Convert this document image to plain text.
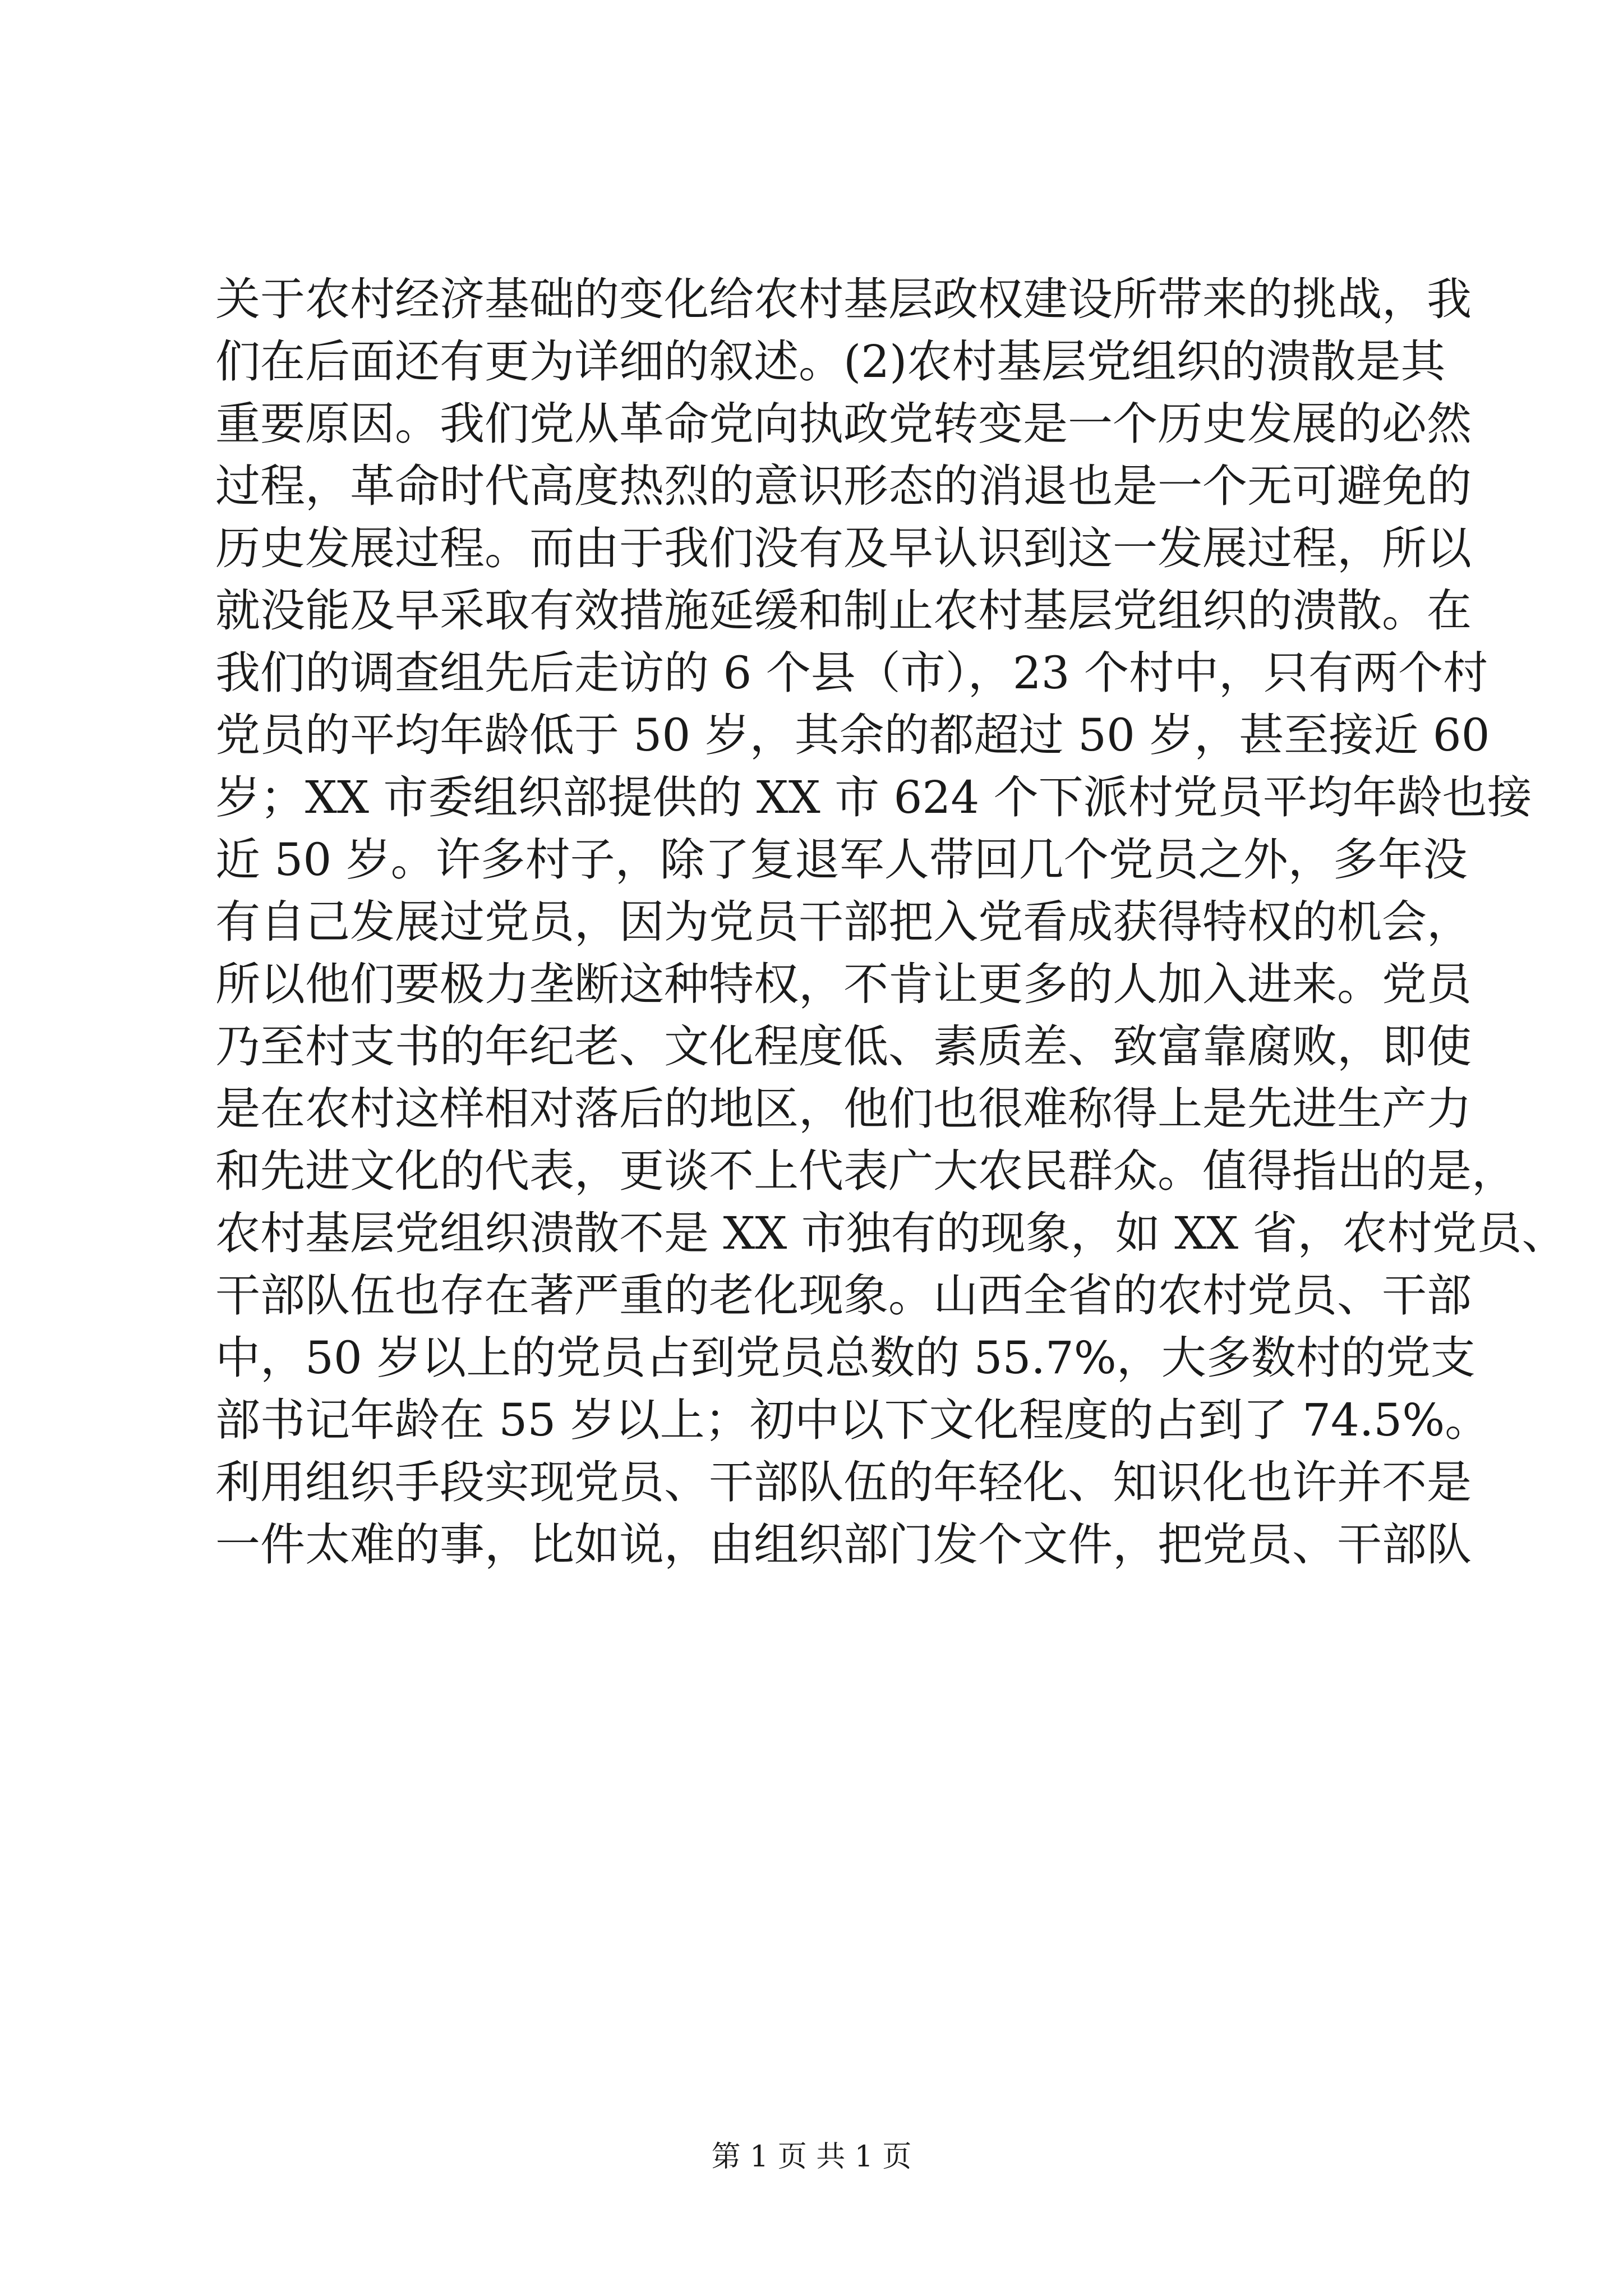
关于农村经济基础的变化给农村基层政权建设所带来的挑战，我
们在后面还有更为详细的叙述。(2)农村基层党组织的溃散是其
重要原因。我们党从革命党向执政党转变是一个历史发展的必然
过程，革命时代高度热烈的意识形态的消退也是一个无可避免的
历史发展过程。而由于我们没有及早认识到这一发展过程，所以
就没能及早采取有效措施延缓和制止农村基层党组织的溃散。在
我们的调查组先后走访的 6 个县（市），23 个村中，只有两个村
党员的平均年龄低于 50 岁，其余的都超过 50 岁，甚至接近 60
岁；XX 市委组织部提供的 XX 市 624 个下派村党员平均年龄也接
近 50 岁。许多村子，除了复退军人带回几个党员之外，多年没
有自己发展过党员，因为党员干部把入党看成获得特权的机会，
所以他们要极力垄断这种特权，不肯让更多的人加入进来。党员
乃至村支书的年纪老、文化程度低、素质差、致富靠腐败，即使
是在农村这样相对落后的地区，他们也很难称得上是先进生产力
和先进文化的代表，更谈不上代表广大农民群众。值得指出的是，
农村基层党组织溃散不是 XX 市独有的现象，如 XX 省，农村党员、
干部队伍也存在著严重的老化现象。山西全省的农村党员、干部
中，50 岁以上的党员占到党员总数的 55.7%，大多数村的党支
部书记年龄在 55 岁以上；初中以下文化程度的占到了 74.5%。
利用组织手段实现党员、干部队伍的年轻化、知识化也许并不是
一件太难的事，比如说，由组织部门发个文件，把党员、干部队
第 1 页 共 1 页
